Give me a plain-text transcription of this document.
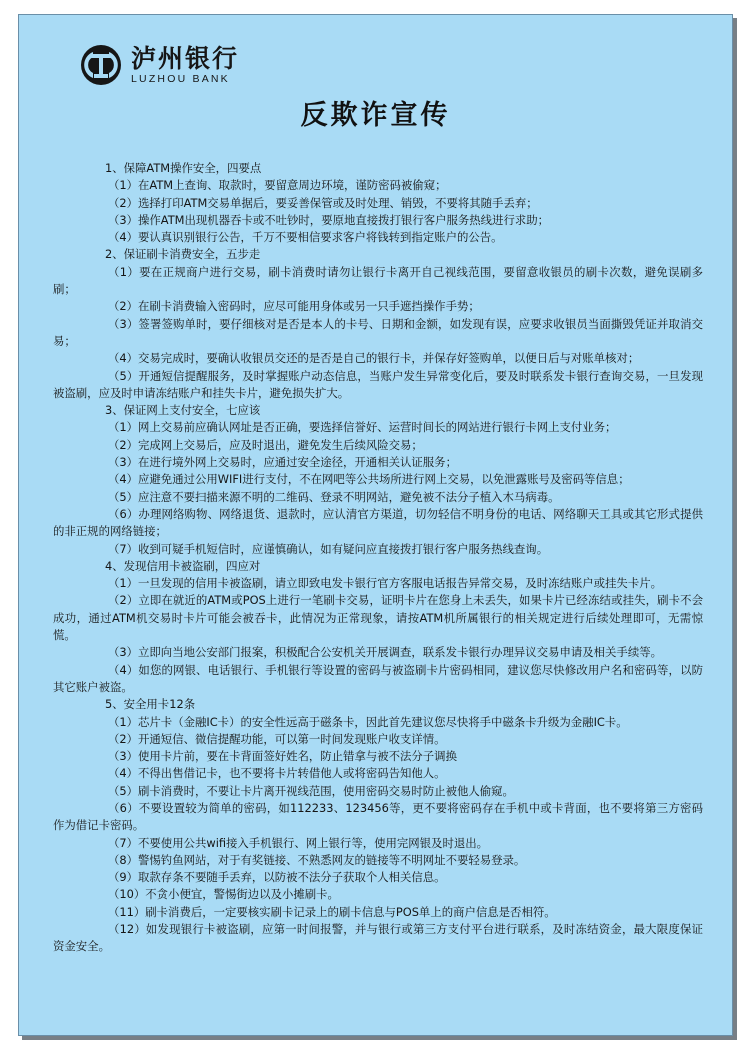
泸州银行
LUZHOU BANK
反欺诈宣传

1、保障ATM操作安全，四要点

（1）在ATM上查询、取款时，要留意周边环境，谨防密码被偷窥；

（2）选择打印ATM交易单据后，要妥善保管或及时处理、销毁，不要将其随手丢弃；

（3）操作ATM出现机器吞卡或不吐钞时，要原地直接拨打银行客户服务热线进行求助；

（4）要认真识别银行公告，千万不要相信要求客户将钱转到指定账户的公告。

2、保证刷卡消费安全，五步走

（1）要在正规商户进行交易，刷卡消费时请勿让银行卡离开自己视线范围，要留意收银员的刷卡次数，避免误刷多刷；

（2）在刷卡消费输入密码时，应尽可能用身体或另一只手遮挡操作手势；

（3）签署签购单时，要仔细核对是否是本人的卡号、日期和金额，如发现有误，应要求收银员当面撕毁凭证并取消交易；

（4）交易完成时，要确认收银员交还的是否是自己的银行卡，并保存好签购单，以便日后与对账单核对；

（5）开通短信提醒服务，及时掌握账户动态信息，当账户发生异常变化后，要及时联系发卡银行查询交易，一旦发现被盗刷，应及时申请冻结账户和挂失卡片，避免损失扩大。

3、保证网上支付安全，七应该

（1）网上交易前应确认网址是否正确，要选择信誉好、运营时间长的网站进行银行卡网上支付业务；

（2）完成网上交易后，应及时退出，避免发生后续风险交易；

（3）在进行境外网上交易时，应通过安全途径，开通相关认证服务；

（4）应避免通过公用WIFI进行支付，不在网吧等公共场所进行网上交易，以免泄露账号及密码等信息；

（5）应注意不要扫描来源不明的二维码、登录不明网站，避免被不法分子植入木马病毒。

（6）办理网络购物、网络退货、退款时，应认清官方渠道，切勿轻信不明身份的电话、网络聊天工具或其它形式提供的非正规的网络链接；

（7）收到可疑手机短信时，应谨慎确认，如有疑问应直接拨打银行客户服务热线查询。

4、发现信用卡被盗刷，四应对

（1）一旦发现的信用卡被盗刷，请立即致电发卡银行官方客服电话报告异常交易，及时冻结账户或挂失卡片。

（2）立即在就近的ATM或POS上进行一笔刷卡交易，证明卡片在您身上未丢失，如果卡片已经冻结或挂失，刷卡不会成功，通过ATM机交易时卡片可能会被吞卡，此情况为正常现象，请按ATM机所属银行的相关规定进行后续处理即可，无需惊慌。

（3）立即向当地公安部门报案，积极配合公安机关开展调查，联系发卡银行办理异议交易申请及相关手续等。

（4）如您的网银、电话银行、手机银行等设置的密码与被盗刷卡片密码相同，建议您尽快修改用户名和密码等，以防其它账户被盗。

5、安全用卡12条

（1）芯片卡（金融IC卡）的安全性远高于磁条卡，因此首先建议您尽快将手中磁条卡升级为金融IC卡。

（2）开通短信、微信提醒功能，可以第一时间发现账户收支详情。

（3）使用卡片前，要在卡背面签好姓名，防止错拿与被不法分子调换

（4）不得出售借记卡，也不要将卡片转借他人或将密码告知他人。

（5）刷卡消费时，不要让卡片离开视线范围，使用密码交易时防止被他人偷窥。

（6）不要设置较为简单的密码，如112233、123456等，更不要将密码存在手机中或卡背面，也不要将第三方密码作为借记卡密码。

（7）不要使用公共wifi接入手机银行、网上银行等，使用完网银及时退出。

（8）警惕钓鱼网站，对于有奖链接、不熟悉网友的链接等不明网址不要轻易登录。

（9）取款存条不要随手丢弃，以防被不法分子获取个人相关信息。

（10）不贪小便宜，警惕街边以及小摊刷卡。

（11）刷卡消费后，一定要核实刷卡记录上的刷卡信息与POS单上的商户信息是否相符。

（12）如发现银行卡被盗刷，应第一时间报警，并与银行或第三方支付平台进行联系，及时冻结资金，最大限度保证资金安全。
